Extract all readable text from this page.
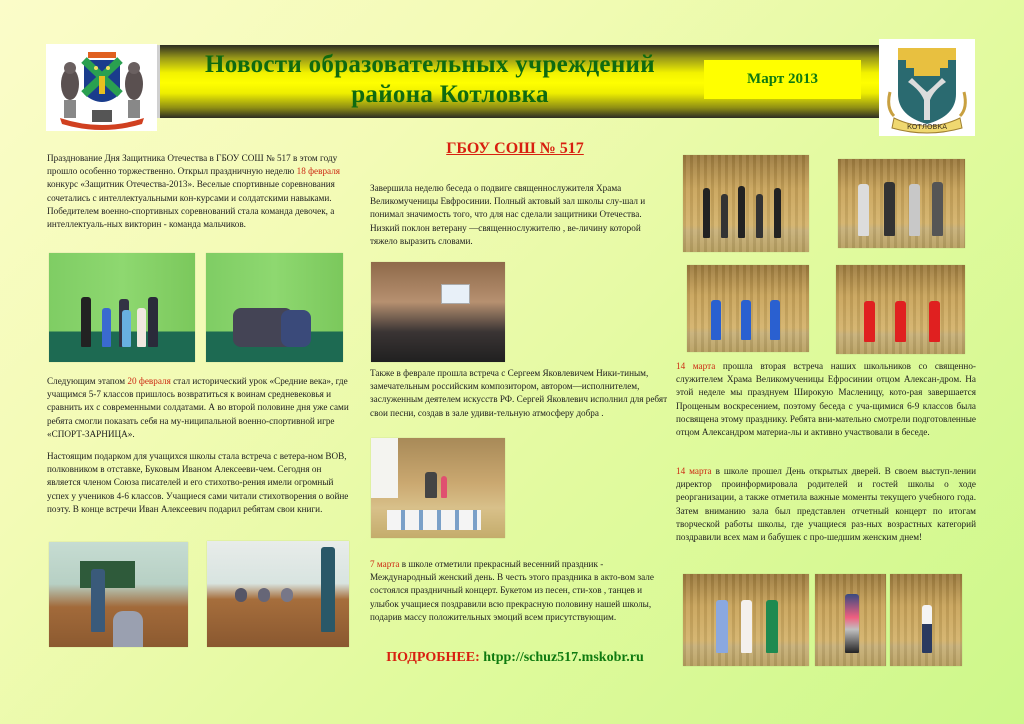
Новости образовательных учреждений
района Котловка
Март 2013
КОТЛОВКА
ГБОУ СОШ № 517
Празднование Дня Защитника Отечества в ГБОУ СОШ № 517 в этом году прошло особенно торжественно. Открыл праздничную неделю 18 февраля конкурс «Защитник Отечества-2013». Веселые спортивные соревнования сочетались с интеллектуальными кон-курсами и солдатскими навыками. Победителем военно-спортивных соревнований стала команда девочек, а интеллектуаль-ных викторин - команда мальчиков.
Следующим этапом 20 февраля стал исторический урок «Средние века», где учащимся 5-7 классов пришлось возвратиться к воинам средневековья и сравнить их с современными солдатами. А во второй половине дня уже сами ребята смогли показать себя на му-ниципальной военно-спортивной игре «СПОРТ-ЗАРНИЦА».
Настоящим подарком для учащихся школы стала встреча с ветера-ном ВОВ, полковником в отставке, Буковым Иваном Алексееви-чем. Сегодня он является членом Союза писателей и его стихотво-рения имели огромный успех у учеников 4-6 классов. Учащиеся сами читали стихотворения о войне поэту. В конце встречи Иван Алексеевич подарил ребятам свои книги.
Завершила неделю беседа о подвиге священнослужителя Храма Великомученицы Евфросинии. Полный актовый зал школы слу-шал и понимал значимость того, что для нас сделали защитники Отечества. Низкий поклон ветерану —священнослужителю , ве-личину которой тяжело выразить словами.
Также в феврале прошла встреча с Сергеем Яковлевичем Ники-тиным, замечательным российским композитором, автором—исполнителем, заслуженным деятелем искусств РФ. Сергей Яковлевич исполнил для ребят свои песни, создав в зале удиви-тельную атмосферу добра .
7 марта в школе отметили прекрасный весенний праздник - Международный женский день. В честь этого праздника в акто-вом зале состоялся праздничный концерт. Букетом из песен, сти-хов , танцев и улыбок учащиеся поздравили всю прекрасную половину нашей школы, подарив массу положительных эмоций всем присутствующим.
ПОДРОБНЕЕ: htpp://schuz517.mskobr.ru
14 марта прошла вторая встреча наших школьников со священно-служителем Храма Великомученицы Ефросинии отцом Алексан-дром. На этой неделе мы празднуем Широкую Масленицу, кото-рая завершается Прощеным воскресением, поэтому беседа с уча-щимися 6-9 классов была посвящена этому празднику. Ребята вни-мательно смотрели подготовленные отцом Александром материа-лы и активно участвовали в беседе.
14 марта в школе прошел День открытых дверей. В своем выступ-лении директор проинформировала родителей и гостей школы о ходе реорганизации, а также отметила важные моменты текущего учебного года. Затем вниманию зала был представлен отчетный концерт по итогам творческой работы школы, где учащиеся раз-ных возрастных категорий поздравили всех мам и бабушек с про-шедшим женским днем!
